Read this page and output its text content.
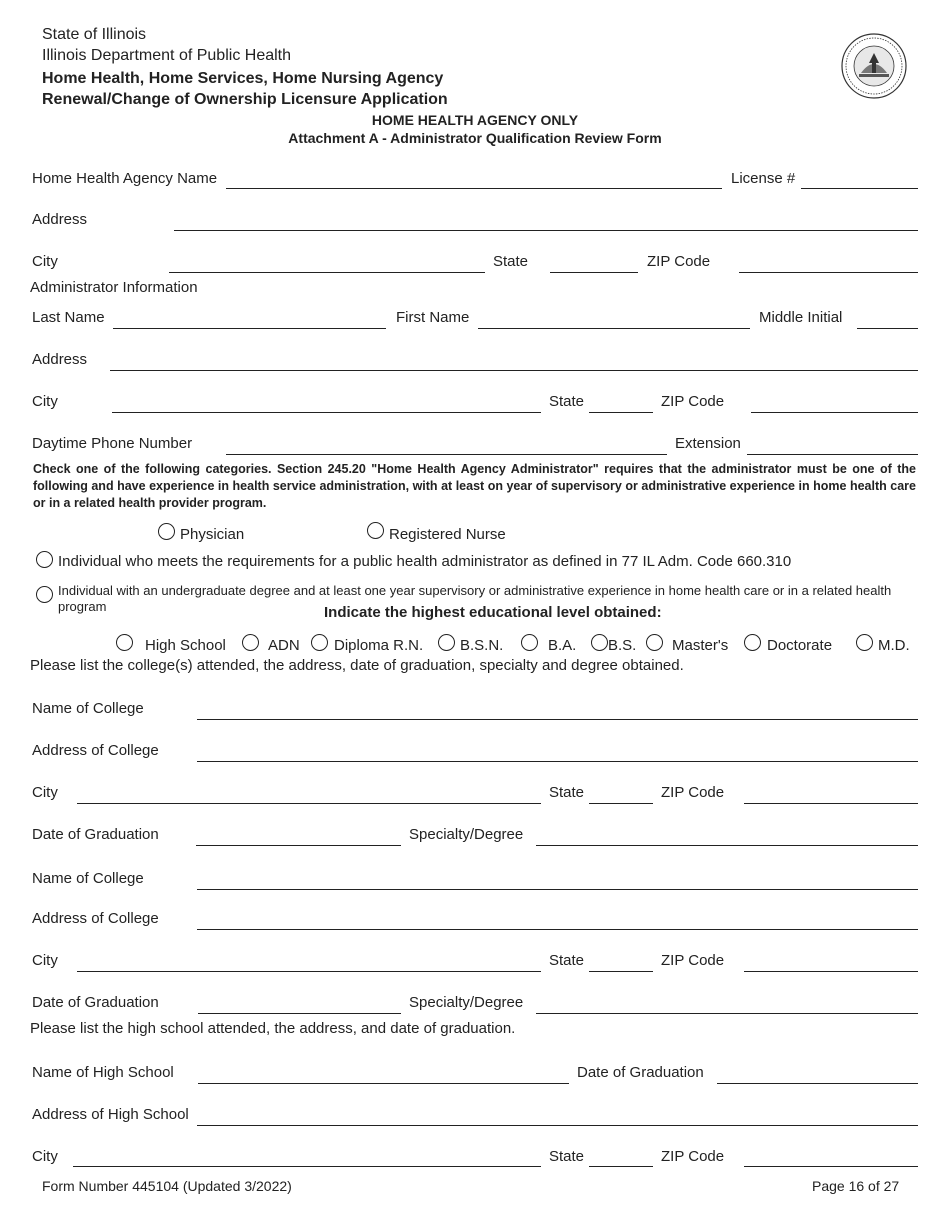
State of Illinois
Illinois Department of Public Health
Home Health, Home Services, Home Nursing Agency
Renewal/Change of Ownership Licensure Application
HOME HEALTH AGENCY ONLY
Attachment A - Administrator Qualification Review Form
Home Health Agency Name	License #
Address
City	State	ZIP Code
Administrator Information
Last Name	First Name	Middle Initial
Address
City	State	ZIP Code
Daytime Phone Number	Extension
Check one of the following categories. Section 245.20 "Home Health Agency Administrator" requires that the administrator must be one of the following and have experience in health service administration, with at least on year of supervisory or administrative experience in home health care or in a related health provider program.
Physician	Registered Nurse
Individual who meets the requirements for a public health administrator as defined in 77 IL Adm. Code 660.310
Individual with an undergraduate degree and at least one year supervisory or administrative experience in home health care or in a related health program	Indicate the highest educational level obtained:
High School	ADN Diploma R.N. B.S.N.	B.A. B.S. Master's	Doctorate	M.D.
Please list the college(s) attended, the address, date of graduation, specialty and degree obtained.
Name of College
Address of College
City	State	ZIP Code
Date of Graduation	Specialty/Degree
Name of College
Address of College
City	State	ZIP Code
Date of Graduation	Specialty/Degree
Please list the high school attended, the address, and date of graduation.
Name of High School	Date of Graduation
Address of High School
City	State	ZIP Code
Form Number 445104 (Updated 3/2022)	Page 16 of 27
